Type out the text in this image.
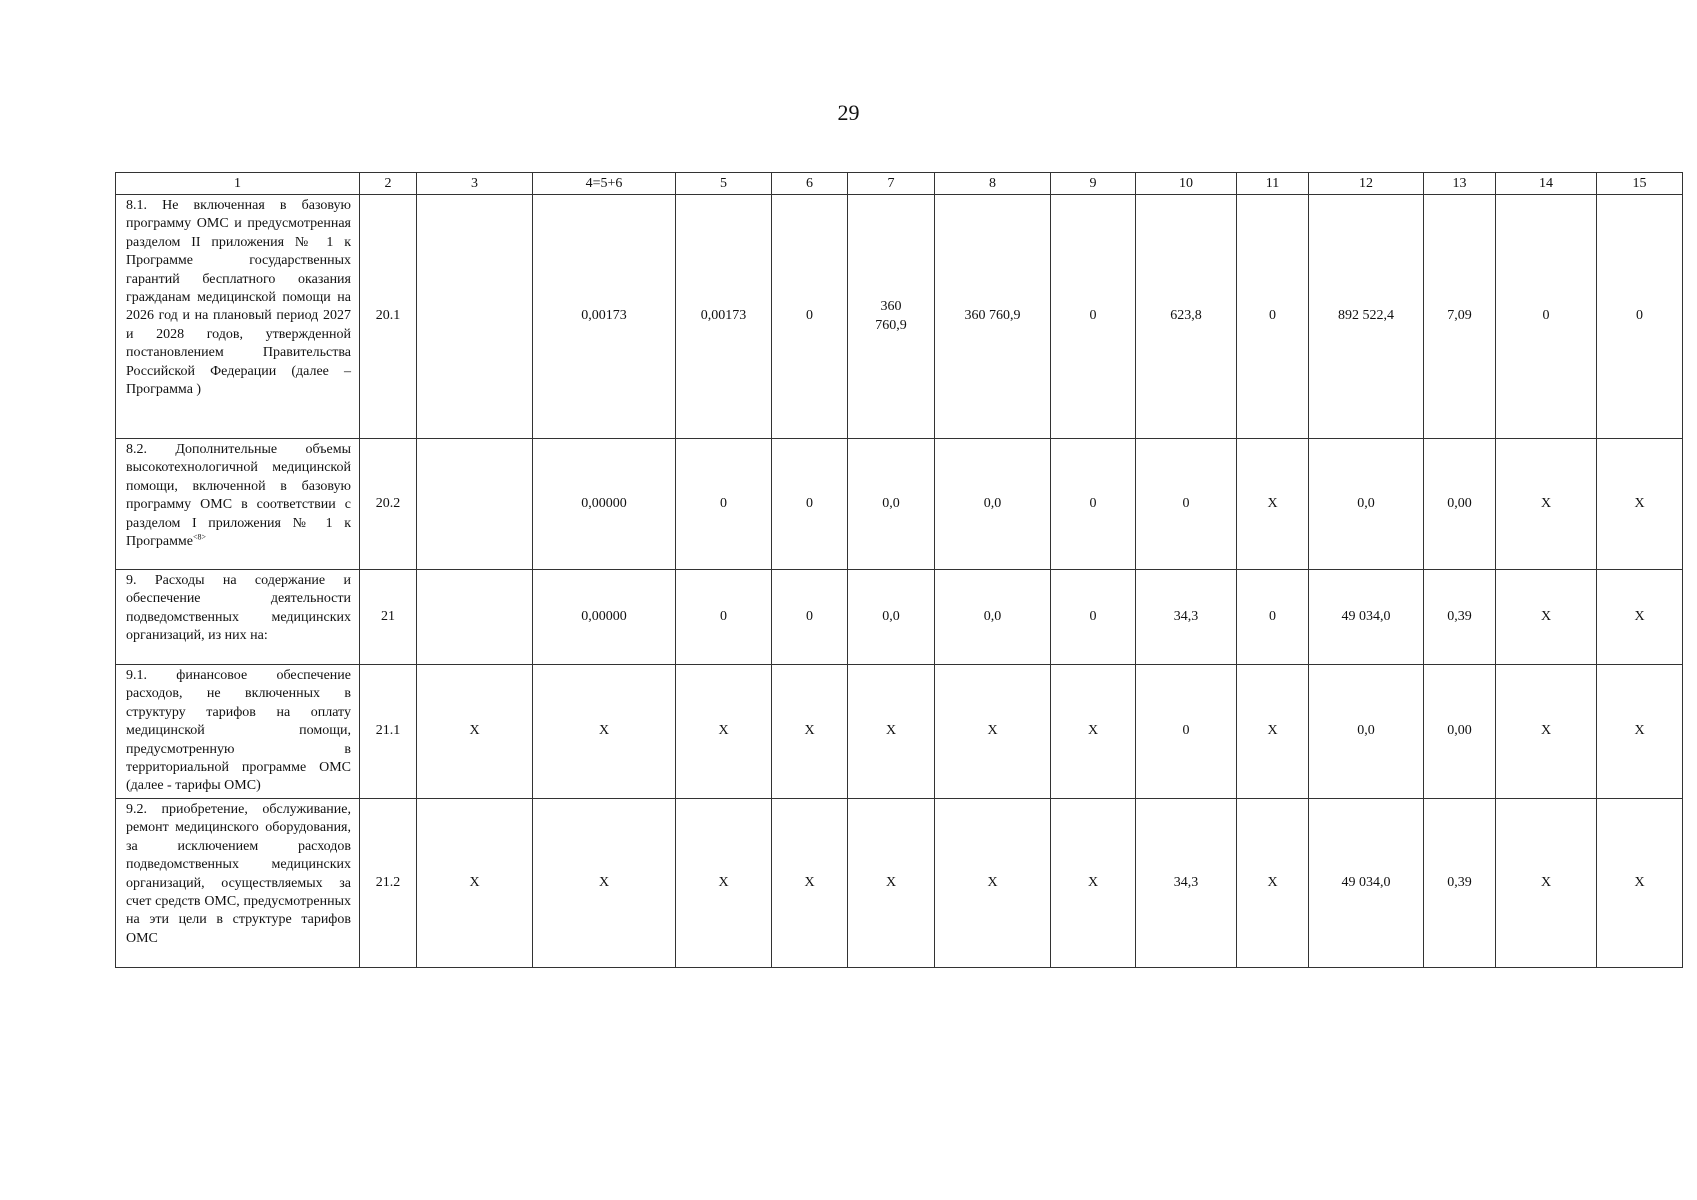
29
1	2	3	4=5+6	5	6	7	8	9	10	11	12	13	14	15
8.1. Не включенная в базовую программу ОМС и предусмотренная разделом II приложения № 1 к Программе государственных гарантий бесплатного оказания гражданам медицинской помощи на 2026 год и на плановый период 2027 и 2028 годов, утвержденной постановлением Правительства Российской Федерации (далее – Программа )	20.1		0,00173	0,00173	0	360 760,9	360 760,9	0	623,8	0	892 522,4	7,09	0	0
8.2. Дополнительные объемы высокотехнологичной медицинской помощи, включенной в базовую программу ОМС в соответствии с разделом I приложения № 1 к Программе$^{<8>}$	20.2		0,00000	0	0	0,0	0,0	0	0	X	0,0	0,00	X	X
9. Расходы на содержание и обеспечение деятельности подведомственных медицинских организаций, из них на:	21		0,00000	0	0	0,0	0,0	0	34,3	0	49 034,0	0,39	X	X
9.1. финансовое обеспечение расходов, не включенных в структуру тарифов на оплату медицинской помощи, предусмотренную в территориальной программе ОМС (далее - тарифы ОМС)	21.1	X	X	X	X	X	X	X	0	X	0,0	0,00	X	X
9.2. приобретение, обслуживание, ремонт медицинского оборудования, за исключением расходов подведомственных медицинских организаций, осуществляемых за счет средств ОМС, предусмотренных на эти цели в структуре тарифов ОМС	21.2	X	X	X	X	X	X	X	34,3	X	49 034,0	0,39	X	X
